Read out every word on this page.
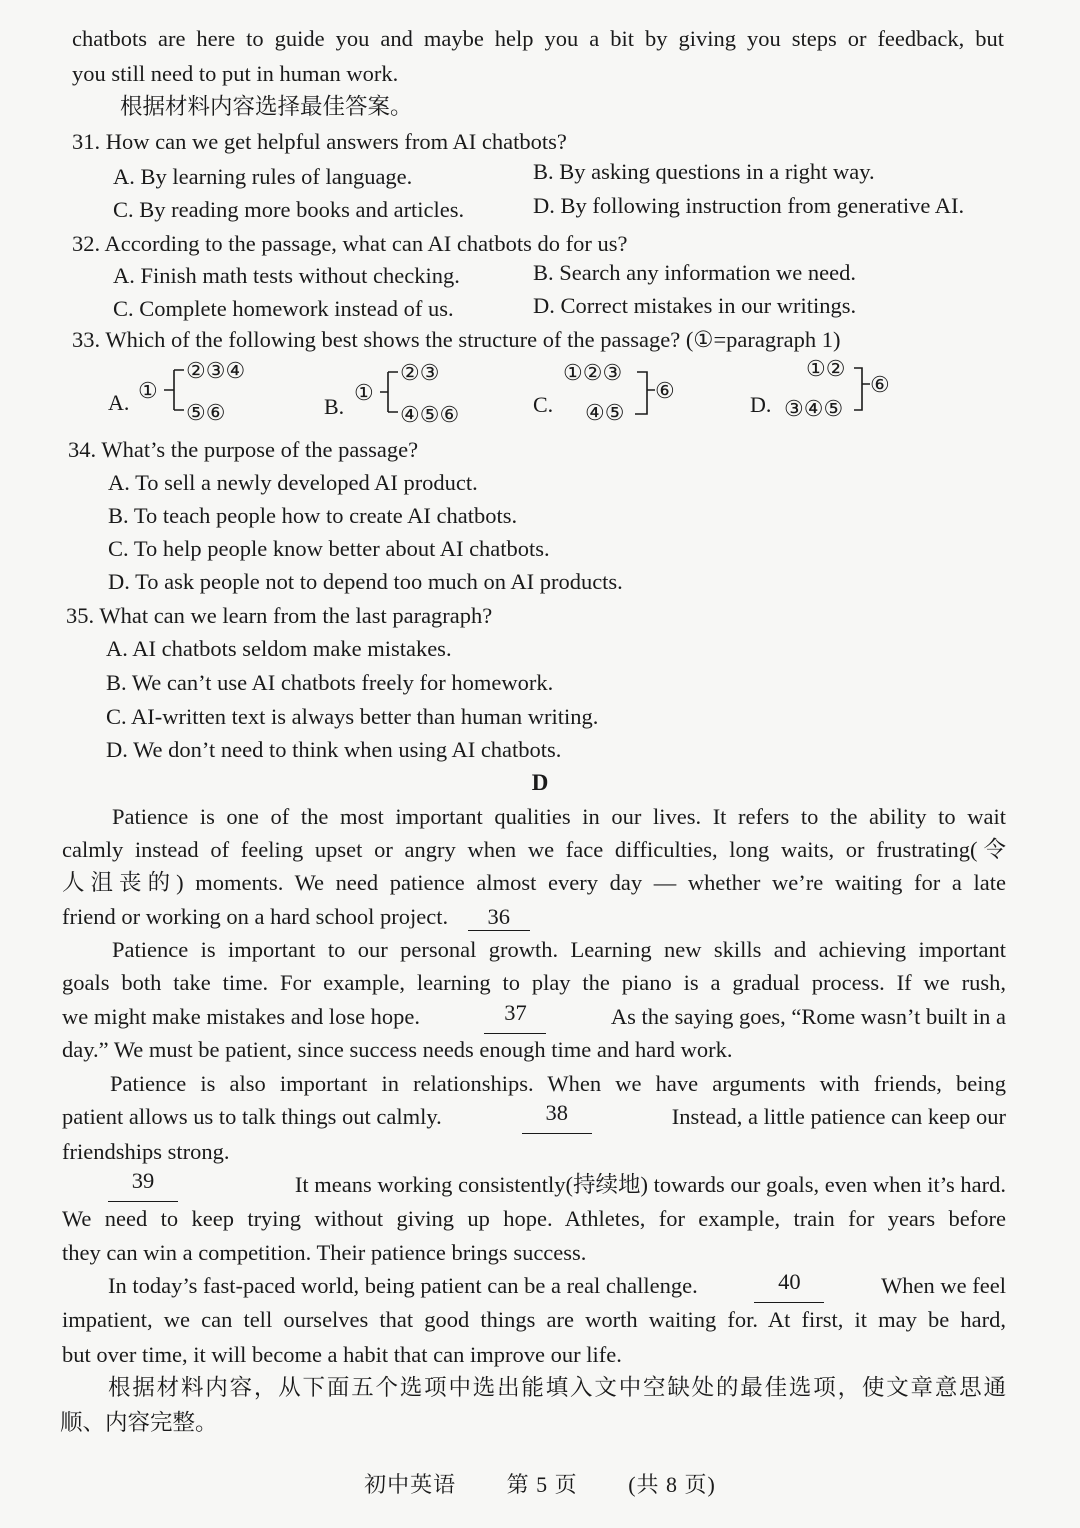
chatbots are here to guide you and maybe help you a bit by giving you steps or feedback, but
you still need to put in human work.
根据材料内容选择最佳答案。
31. How can we get helpful answers from AI chatbots?
A. By learning rules of language.	B. By asking questions in a right way.
C. By reading more books and articles.	D. By following instruction from generative AI.
32. According to the passage, what can AI chatbots do for us?
A. Finish math tests without checking.	B. Search any information we need.
C. Complete homework instead of us.	D. Correct mistakes in our writings.
33. Which of the following best shows the structure of the passage? (①=paragraph 1)
A. ①
②③④
⑤⑥	B.
①
②③
④⑤⑥	C.
①②③
④⑤
⑥
D.
①②
③④⑤
⑥
34. What’s the purpose of the passage?
A. To sell a newly developed AI product.
B. To teach people how to create AI chatbots.
C. To help people know better about AI chatbots.
D. To ask people not to depend too much on AI products.
35. What can we learn from the last paragraph?
A. AI chatbots seldom make mistakes.
B. We can’t use AI chatbots freely for homework.
C. AI-written text is always better than human writing.
D. We don’t need to think when using AI chatbots.
D
Patience is one of the most important qualities in our lives. It refers to the ability to wait
calmly instead of feeling upset or angry when we face difficulties, long waits, or frustrating(令
人沮丧的) moments. We need patience almost every day — whether we’re waiting for a late
friend or working on a hard school project. 36
Patience is important to our personal growth. Learning new skills and achieving important
goals both take time. For example, learning to play the piano is a gradual process. If we rush,
we might make mistakes and lose hope.	37	As the saying goes, “Rome wasn’t built in a
day.” We must be patient, since success needs enough time and hard work.
Patience is also important in relationships. When we have arguments with friends, being
patient allows us to talk things out calmly.	38	Instead, a little patience can keep our
friendships strong.
39	It means working consistently(持续地) towards our goals, even when it’s hard.
We need to keep trying without giving up hope. Athletes, for example, train for years before
they can win a competition. Their patience brings success.
In today’s fast-paced world, being patient can be a real challenge.	40	When we feel
impatient, we can tell ourselves that good things are worth waiting for. At first, it may be hard,
but over time, it will become a habit that can improve our life.
根据材料内容，从下面五个选项中选出能填入文中空缺处的最佳选项，使文章意思通
顺、内容完整。
初中英语 第 5 页 (共 8 页)
